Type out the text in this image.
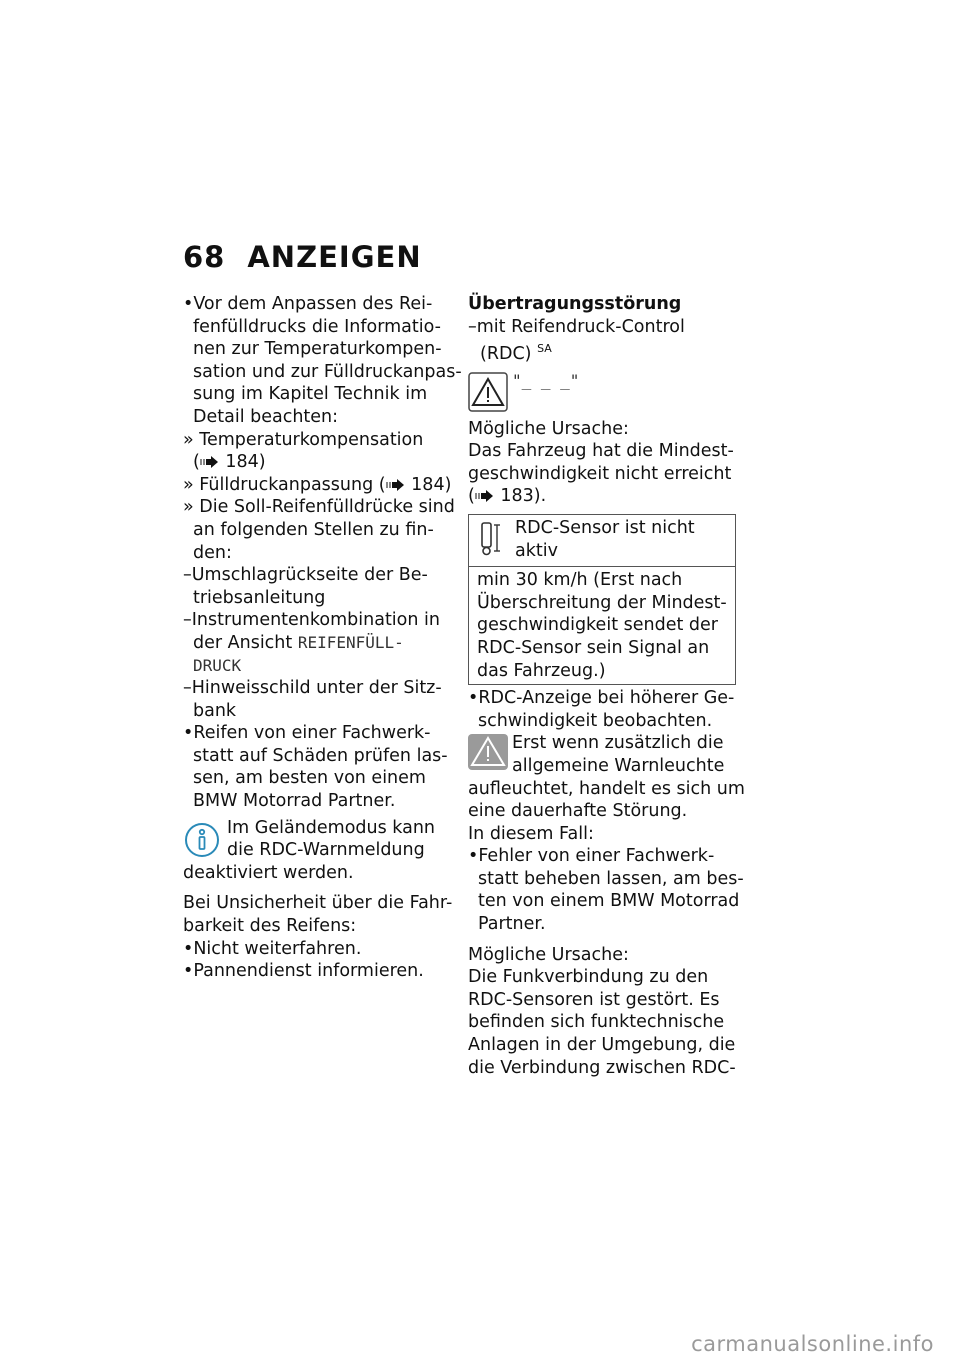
68 ANZEIGEN
•Vor dem Anpassen des Rei-
fenfülldrucks die Informatio-
nen zur Temperaturkompen-
sation und zur Fülldruckanpas-
sung im Kapitel Technik im
Detail beachten:
» Temperaturkompensation
( 184)
» Fülldruckanpassung ( 184)
» Die Soll-Reifenfülldrücke sind
an folgenden Stellen zu fin-
den:
–Umschlagrückseite der Be-
triebsanleitung
–Instrumentenkombination in
der Ansicht REIFENFÜLL-
DRUCK
–Hinweisschild unter der Sitz-
bank
•Reifen von einer Fachwerk-
statt auf Schäden prüfen las-
sen, am besten von einem
BMW Motorrad Partner.
Im Geländemodus kann
die RDC-Warnmeldung
deaktiviert werden.
Bei Unsicherheit über die Fahr-
barkeit des Reifens:
•Nicht weiterfahren.
•Pannendienst informieren.
Übertragungsstörung
–mit Reifendruck-Control
(RDC) $^{SA}$
"_ _ _"
Mögliche Ursache:
Das Fahrzeug hat die Mindest-
geschwindigkeit nicht erreicht
( 183).
RDC-Sensor ist nicht
aktiv
min 30 km/h (Erst nach
Überschreitung der Mindest-
geschwindigkeit sendet der
RDC-Sensor sein Signal an
das Fahrzeug.)
•RDC-Anzeige bei höherer Ge-
schwindigkeit beobachten.
Erst wenn zusätzlich die
allgemeine Warnleuchte
aufleuchtet, handelt es sich um
eine dauerhafte Störung.
In diesem Fall:
•Fehler von einer Fachwerk-
statt beheben lassen, am bes-
ten von einem BMW Motorrad
Partner.
Mögliche Ursache:
Die Funkverbindung zu den
RDC-Sensoren ist gestört. Es
befinden sich funktechnische
Anlagen in der Umgebung, die
die Verbindung zwischen RDC-
carmanualsonline.info
